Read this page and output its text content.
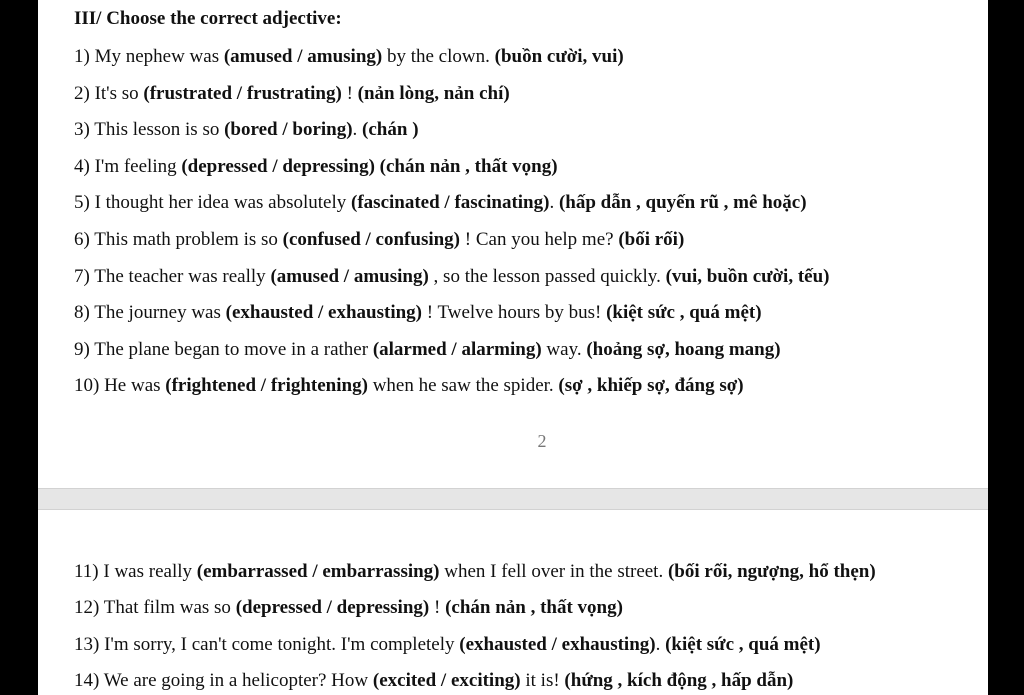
III/ Choose the correct adjective:
1) My nephew was (amused / amusing) by the clown. (buồn cười, vui)
2) It's so (frustrated / frustrating) ! (nản lòng, nản chí)
3) This lesson is so (bored / boring). (chán )
4) I'm feeling (depressed / depressing) (chán nản , thất vọng)
5) I thought her idea was absolutely (fascinated / fascinating). (hấp dẫn , quyến rũ , mê hoặc)
6) This math problem is so (confused / confusing) ! Can you help me? (bối rối)
7) The teacher was really (amused / amusing) , so the lesson passed quickly. (vui, buồn cười, tếu)
8) The journey was (exhausted / exhausting) ! Twelve hours by bus! (kiệt sức , quá mệt)
9) The plane began to move in a rather (alarmed / alarming) way. (hoảng sợ, hoang mang)
10) He was (frightened / frightening) when he saw the spider. (sợ , khiếp sợ, đáng sợ)
11) I was really (embarrassed / embarrassing) when I fell over in the street. (bối rối, ngượng, hổ thẹn)
12) That film was so (depressed / depressing) ! (chán nản , thất vọng)
13) I'm sorry, I can't come tonight. I'm completely (exhausted / exhausting). (kiệt sức , quá mệt)
14) We are going in a helicopter? How (excited / exciting) it is! (hứng , kích động , hấp dẫn)
2
